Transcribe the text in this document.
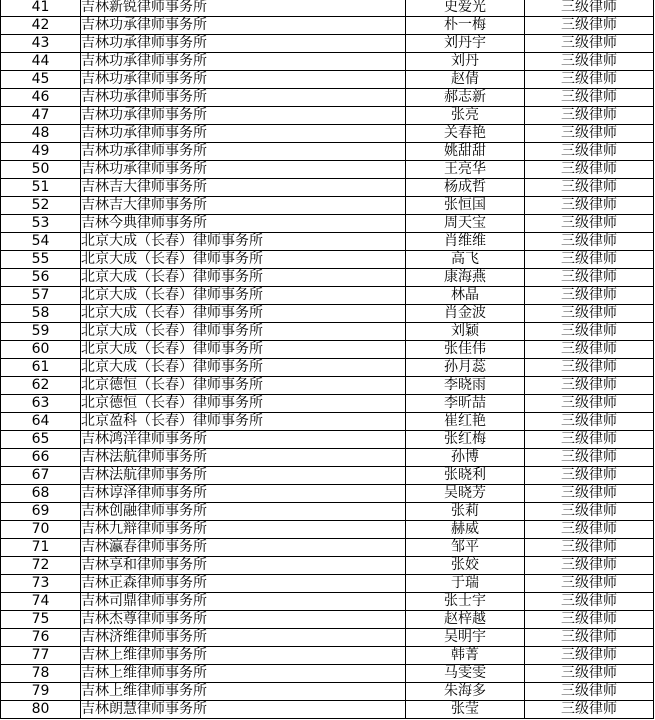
41	吉林新锐律师事务所	史爱光	三级律师
42	吉林功承律师事务所	朴一梅	三级律师
43	吉林功承律师事务所	刘丹宇	三级律师
44	吉林功承律师事务所	刘丹	三级律师
45	吉林功承律师事务所	赵倩	三级律师
46	吉林功承律师事务所	郝志新	三级律师
47	吉林功承律师事务所	张亮	三级律师
48	吉林功承律师事务所	关春艳	三级律师
49	吉林功承律师事务所	姚甜甜	三级律师
50	吉林功承律师事务所	王亮华	三级律师
51	吉林吉大律师事务所	杨成哲	三级律师
52	吉林吉大律师事务所	张恒国	三级律师
53	吉林今典律师事务所	周天宝	三级律师
54	北京大成（长春）律师事务所	肖维维	三级律师
55	北京大成（长春）律师事务所	高飞	三级律师
56	北京大成（长春）律师事务所	康海燕	三级律师
57	北京大成（长春）律师事务所	林晶	三级律师
58	北京大成（长春）律师事务所	肖金波	三级律师
59	北京大成（长春）律师事务所	刘颖	三级律师
60	北京大成（长春）律师事务所	张佳伟	三级律师
61	北京大成（长春）律师事务所	孙月蕊	三级律师
62	北京德恒（长春）律师事务所	李晓雨	三级律师
63	北京德恒（长春）律师事务所	李昕喆	三级律师
64	北京盈科（长春）律师事务所	崔红艳	三级律师
65	吉林鸿洋律师事务所	张红梅	三级律师
66	吉林法航律师事务所	孙博	三级律师
67	吉林法航律师事务所	张晓利	三级律师
68	吉林谆泽律师事务所	吴晓芳	三级律师
69	吉林创融律师事务所	张莉	三级律师
70	吉林九辩律师事务所	赫威	三级律师
71	吉林瀛春律师事务所	邹平	三级律师
72	吉林享和律师事务所	张姣	三级律师
73	吉林正森律师事务所	于瑞	三级律师
74	吉林司鼎律师事务所	张士宇	三级律师
75	吉林杰尊律师事务所	赵梓越	三级律师
76	吉林济维律师事务所	吴明宇	三级律师
77	吉林上维律师事务所	韩菁	三级律师
78	吉林上维律师事务所	马雯雯	三级律师
79	吉林上维律师事务所	朱海多	三级律师
80	吉林朗慧律师事务所	张莹	三级律师
